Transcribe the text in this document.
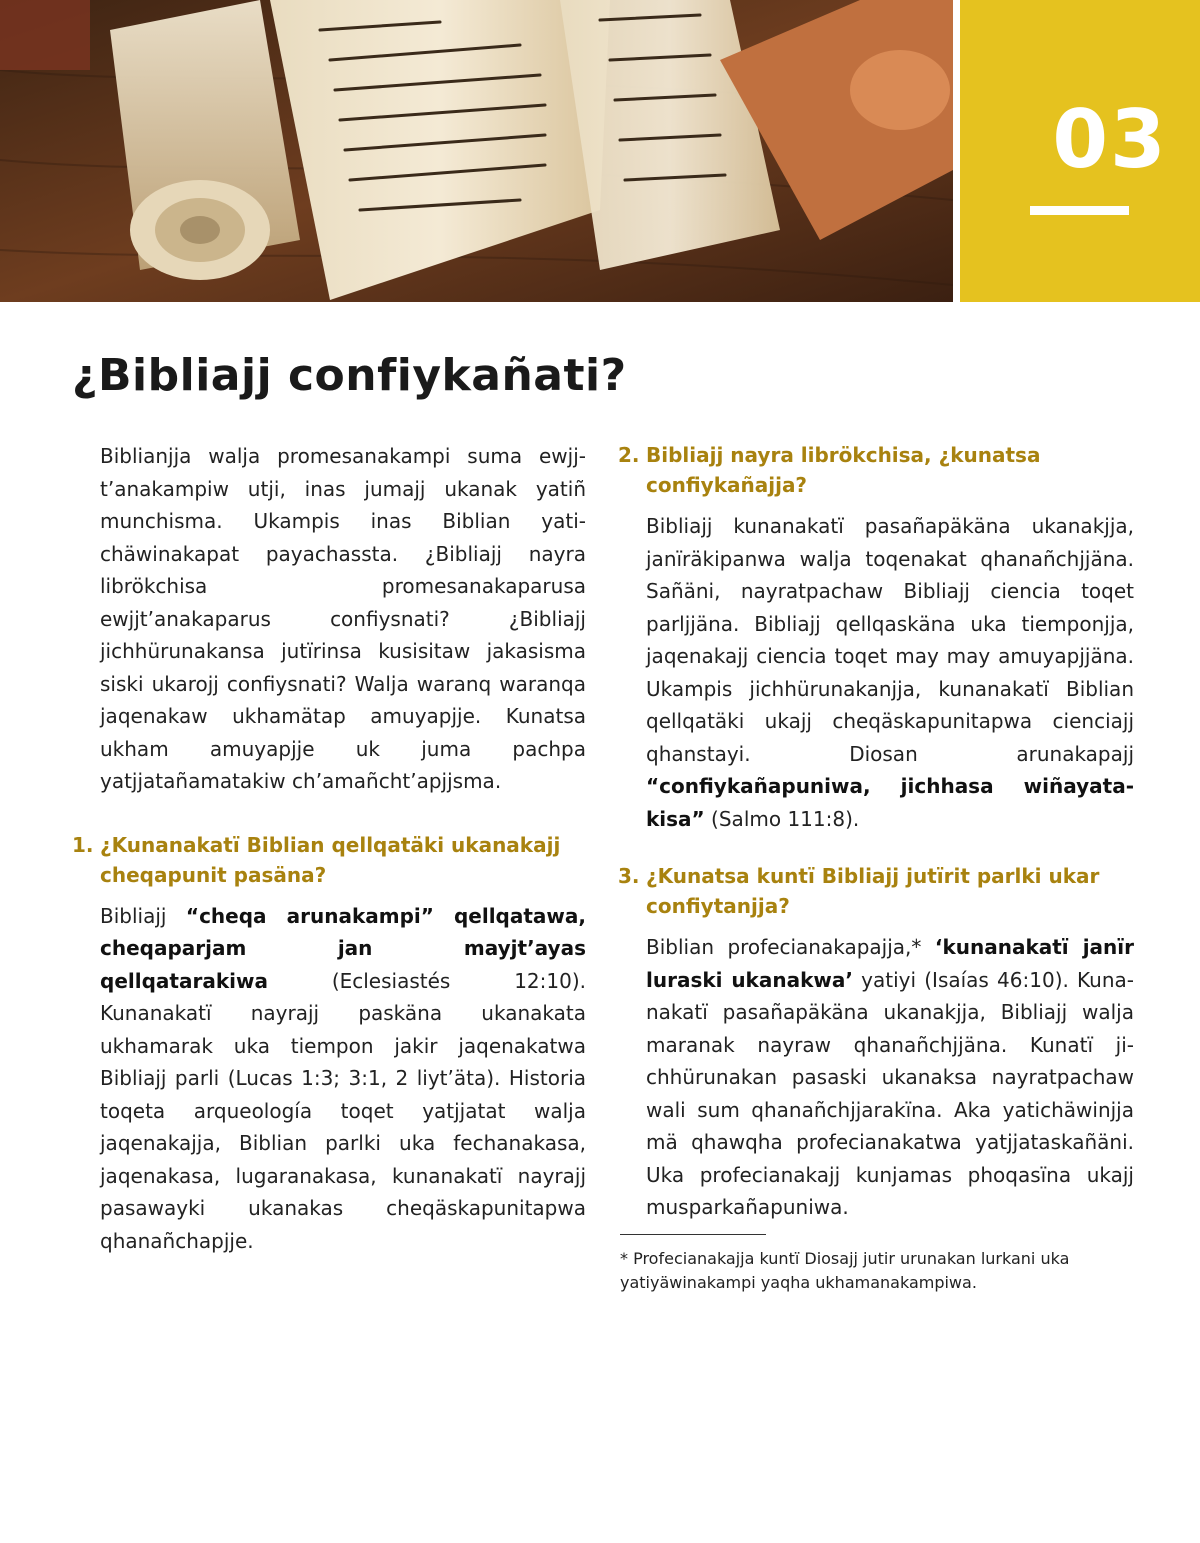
03
¿Bibliajj confiykañati?

Biblianjja walja promesanakampi suma ewjjt’anakampiw utji, inas jumajj ukanak yatiñ munchisma. Ukampis inas Biblian yatichäwinakapat payachassta. ¿Bibliajj nayra librökchisa promesanakaparusa ewjjt’anakaparus confiysnati? ¿Bibliajj jichhürunakansa jutïrinsa kusisitaw jakasisma siski ukarojj confiysnati? Walja waranq waranqa jaqenakaw ukhamätap amuyapjje. Kunatsa ukham amuyapjje uk juma pachpa yatjjatañamatakiw ch’amañcht’apjjsma.

1. ¿Kunanakatï Biblian qellqatäki ukanakajj cheqapunit pasäna?

Bibliajj “cheqa arunakampi” qellqatawa, cheqaparjam jan mayjt’ayas qellqatarakiwa (Eclesiastés 12:10). Kunanakatï nayrajj paskäna ukanakata ukhamarak uka tiempon jakir jaqenakatwa Bibliajj parli (Lucas 1:3; 3:1, 2 liyt’äta). Historia toqeta arqueología toqet yatjjatat walja jaqenakajja, Biblian parlki uka fechanakasa, jaqenakasa, lugaranakasa, kunanakatï nayrajj pasawayki ukanakas cheqäskapunitapwa qhanañchapjje.

2. Bibliajj nayra librökchisa, ¿kunatsa confiykañajja?

Bibliajj kunanakatï pasañapäkäna ukanakjja, janïräkipanwa walja toqenakat qhanañchjjäna. Sañäni, nayratpachaw Bibliajj ciencia toqet parljjäna. Bibliajj qellqaskäna uka tiemponjja, jaqenakajj ciencia toqet may may amuyapjjäna. Ukampis jichhürunakanjja, kunanakatï Biblian qellqatäki ukajj cheqäskapunitapwa cienciajj qhanstayi. Diosan arunakapajj “confiykañapuniwa, jichhasa wiñayatakisa” (Salmo 111:8).

3. ¿Kunatsa kuntï Bibliajj jutïrit parlki ukar confiytanjja?

Biblian profecianakapajja,* ‘kunanakatï janïr luraski ukanakwa’ yatiyi (Isaías 46:10). Kunanakatï pasañapäkäna ukanakjja, Bibliajj walja maranak nayraw qhanañchjjäna. Kunatï jichhürunakan pasaski ukanaksa nayratpachaw wali sum qhanañchjjarakïna. Aka yatichäwinjja mä qhawqha profecianakatwa yatjjataskañäni. Uka profecianakajj kunjamas phoqasïna ukajj musparkañapuniwa.

* Profecianakajja kuntï Diosajj jutir urunakan lurkani uka yatiyäwinakampi yaqha ukhamanakampiwa.
